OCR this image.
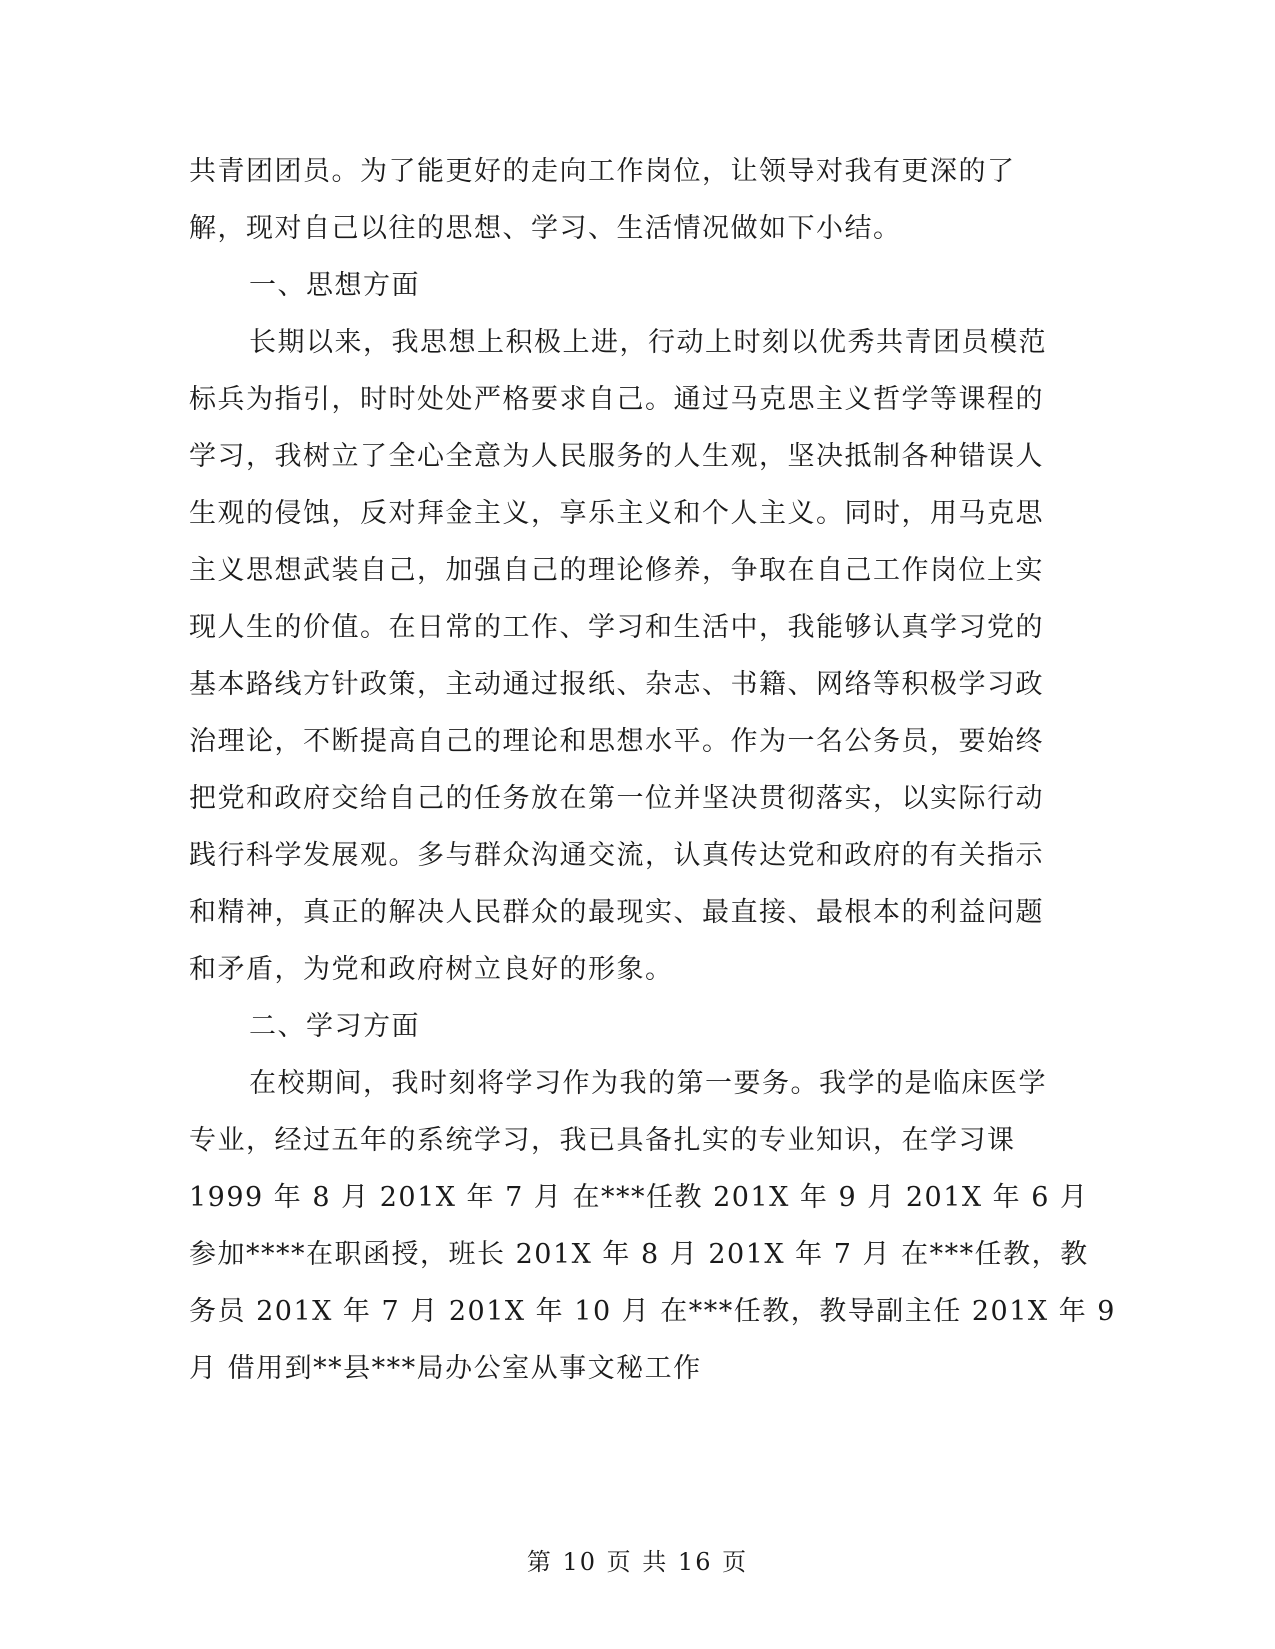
共青团团员。为了能更好的走向工作岗位，让领导对我有更深的了
解，现对自己以往的思想、学习、生活情况做如下小结。
一、思想方面
长期以来，我思想上积极上进，行动上时刻以优秀共青团员模范
标兵为指引，时时处处严格要求自己。通过马克思主义哲学等课程的
学习，我树立了全心全意为人民服务的人生观，坚决抵制各种错误人
生观的侵蚀，反对拜金主义，享乐主义和个人主义。同时，用马克思
主义思想武装自己，加强自己的理论修养，争取在自己工作岗位上实
现人生的价值。在日常的工作、学习和生活中，我能够认真学习党的
基本路线方针政策，主动通过报纸、杂志、书籍、网络等积极学习政
治理论，不断提高自己的理论和思想水平。作为一名公务员，要始终
把党和政府交给自己的任务放在第一位并坚决贯彻落实，以实际行动
践行科学发展观。多与群众沟通交流，认真传达党和政府的有关指示
和精神，真正的解决人民群众的最现实、最直接、最根本的利益问题
和矛盾，为党和政府树立良好的形象。
二、学习方面
在校期间，我时刻将学习作为我的第一要务。我学的是临床医学
专业，经过五年的系统学习，我已具备扎实的专业知识，在学习课
1999 年 8 月 201X 年 7 月 在***任教 201X 年 9 月 201X 年 6 月
参加****在职函授，班长 201X 年 8 月 201X 年 7 月 在***任教，教
务员 201X 年 7 月 201X 年 10 月 在***任教，教导副主任 201X 年 9
月 借用到**县***局办公室从事文秘工作
第 10 页 共 16 页
